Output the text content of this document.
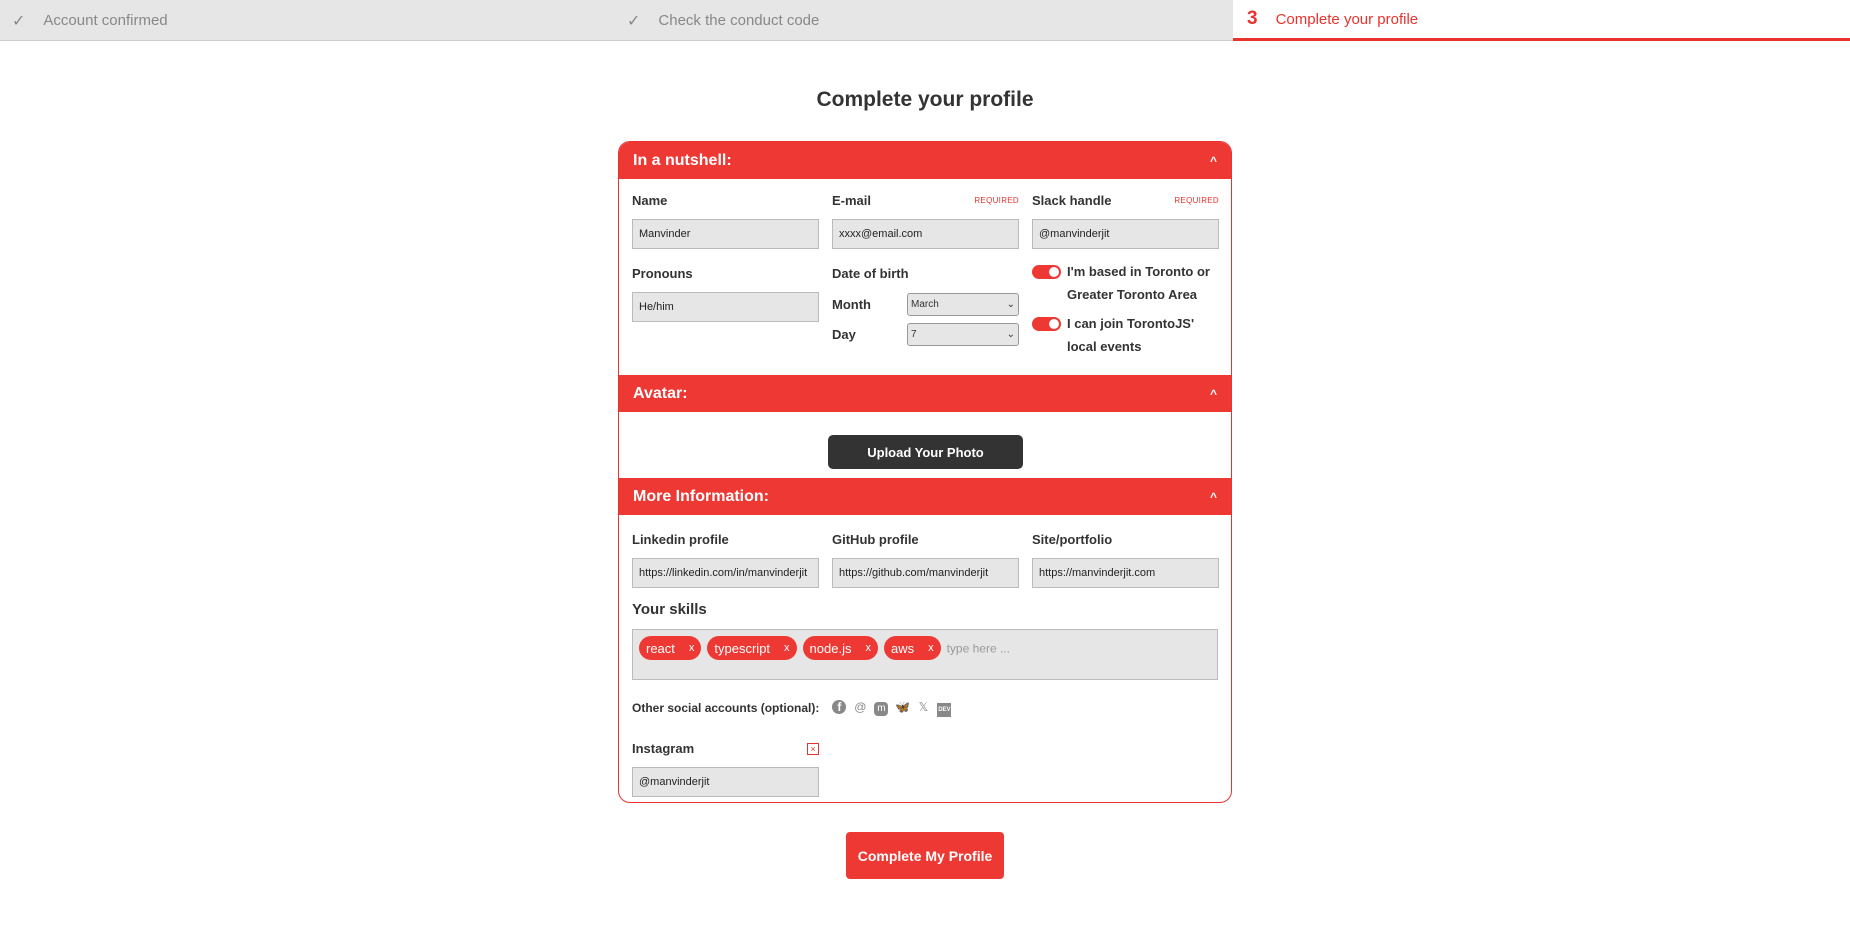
✓ Account confirmed	✓ Check the conduct code	3 Complete your profile
Complete your profile
In a nutshell:	^
Name
Manvinder
Pronouns
He/him
E-mail	REQUIRED
xxxx@email.com
Date of birth
Month	March	⌄
Day	7	⌄
Slack handle	REQUIRED
@manvinderjit
I'm based in Toronto or Greater Toronto Area
I can join TorontoJS' local events
Avatar:	^
Upload Your Photo
More Information:	^
Linkedin profile
https://linkedin.com/in/manvinderjit
GitHub profile
https://github.com/manvinderjit
Site/portfolio
https://manvinderjit.com
Your skills
react x typescript x node.js x aws x type here ...
Other social accounts (optional):	f @ m 🦋 𝕏 DEV
Instagram	×
@manvinderjit
Complete My Profile
